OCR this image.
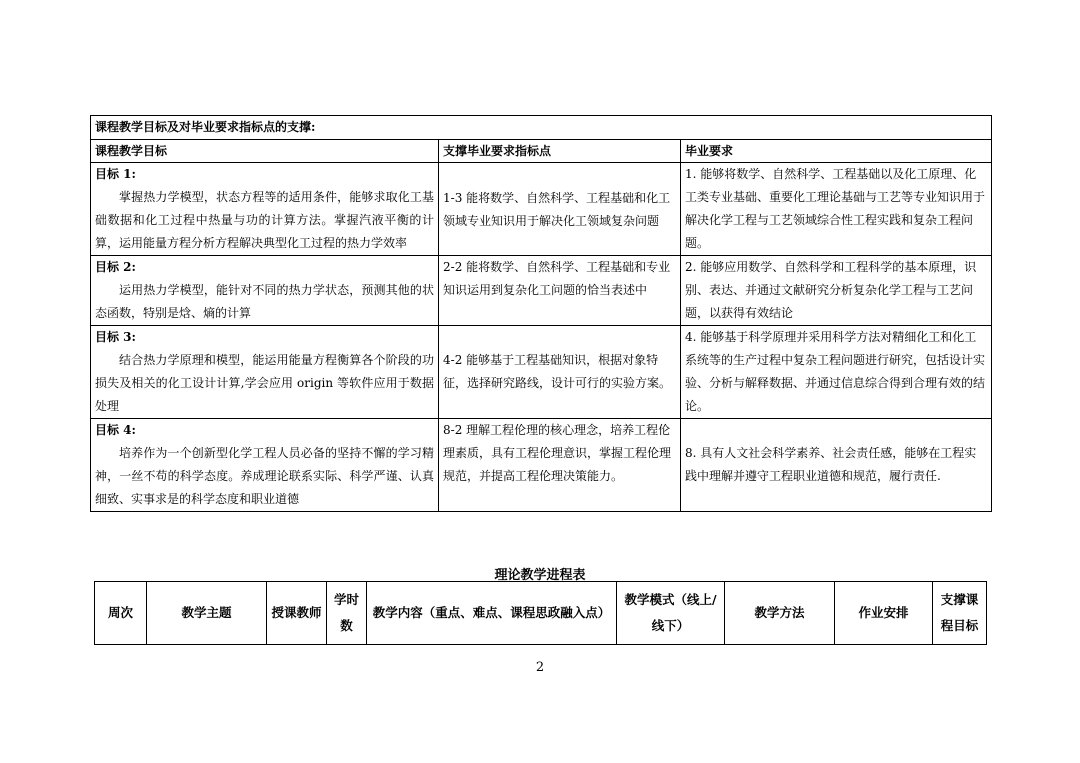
课程教学目标及对毕业要求指标点的支撑:		
课程教学目标	支撑毕业要求指标点	毕业要求

目标 1:
掌握热力学模型，状态方程等的适用条件，能够求取化工基础数据和化工过程中热量与功的计算方法。掌握汽液平衡的计算，运用能量方程分析方程解决典型化工过程的热力学效率	1-3 能将数学、自然科学、工程基础和化工领域专业知识用于解决化工领域复杂问题	1. 能够将数学、自然科学、工程基础以及化工原理、化工类专业基础、重要化工理论基础与工艺等专业知识用于解决化学工程与工艺领域综合性工程实践和复杂工程问题。

目标 2:
运用热力学模型，能针对不同的热力学状态，预测其他的状态函数，特别是焓、熵的计算	2-2 能将数学、自然科学、工程基础和专业知识运用到复杂化工问题的恰当表述中	2. 能够应用数学、自然科学和工程科学的基本原理，识别、表达、并通过文献研究分析复杂化学工程与工艺问题，以获得有效结论

目标 3:
结合热力学原理和模型，能运用能量方程衡算各个阶段的功损失及相关的化工设计计算,学会应用 origin 等软件应用于数据处理	4-2 能够基于工程基础知识，根据对象特征，选择研究路线，设计可行的实验方案。	4. 能够基于科学原理并采用科学方法对精细化工和化工系统等的生产过程中复杂工程问题进行研究，包括设计实验、分析与解释数据、并通过信息综合得到合理有效的结论。

目标 4:
培养作为一个创新型化学工程人员必备的坚持不懈的学习精神，一丝不苟的科学态度。养成理论联系实际、科学严谨、认真细致、实事求是的科学态度和职业道德	8-2 理解工程伦理的核心理念，培养工程伦理素质，具有工程伦理意识，掌握工程伦理规范，并提高工程伦理决策能力。	8. 具有人文社会科学素养、社会责任感，能够在工程实践中理解并遵守工程职业道德和规范，履行责任.
理论教学进程表
周次	教学主题	授课教师	学时数	教学内容（重点、难点、课程思政融入点）	教学模式（线上/线下）	教学方法	作业安排	支撑课程目标
2
